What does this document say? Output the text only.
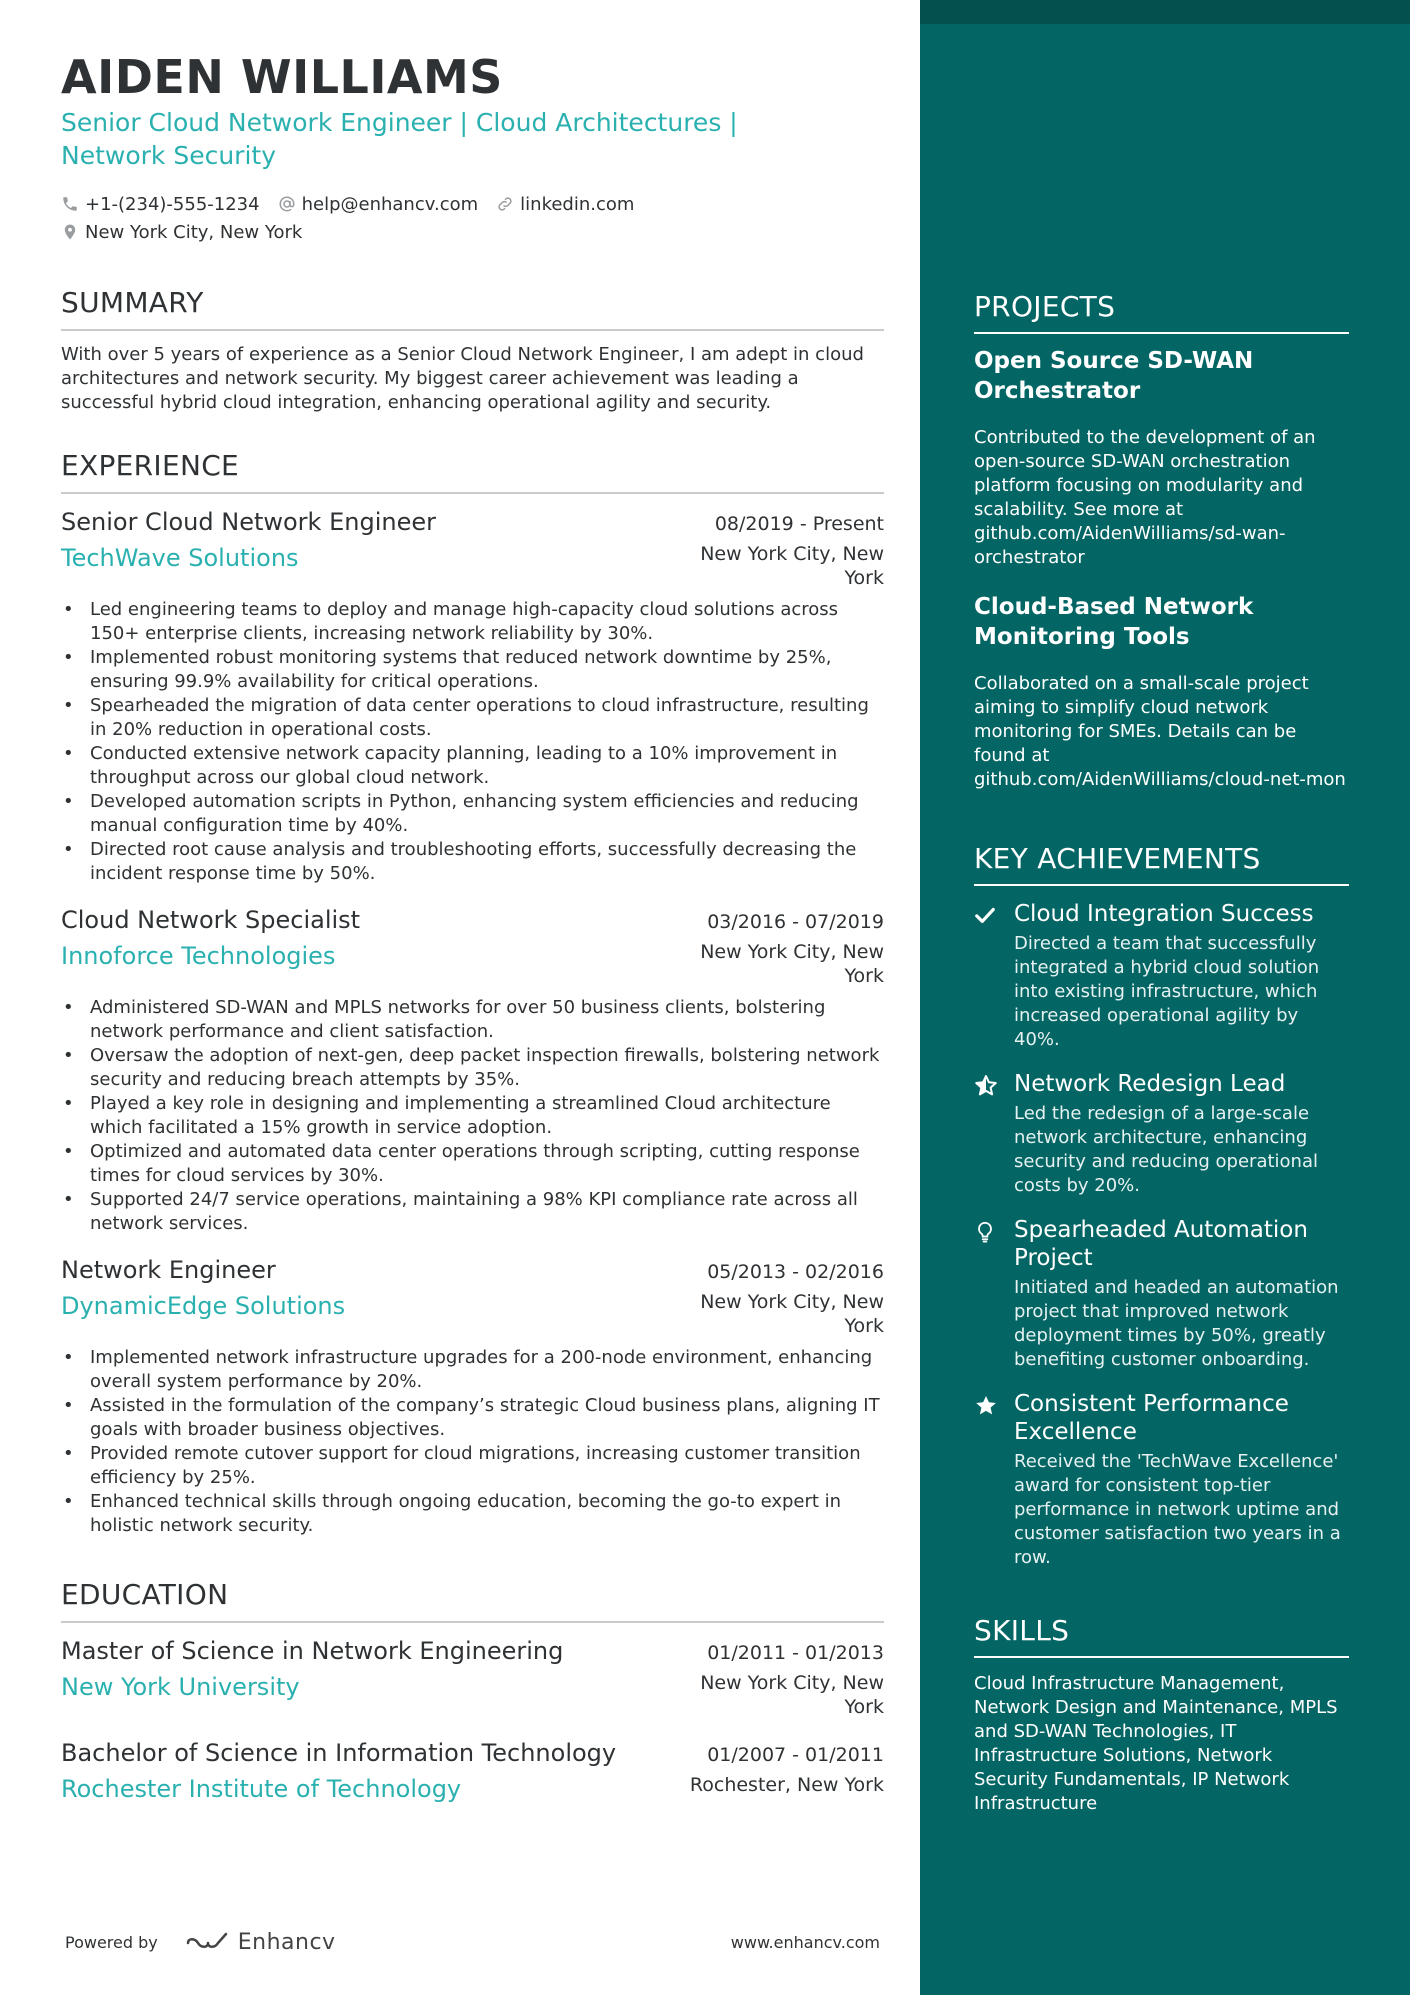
AIDEN WILLIAMS
Senior Cloud Network Engineer | Cloud Architectures | Network Security
+1-(234)-555-1234 help@enhancv.com linkedin.com
New York City, New York
SUMMARY
With over 5 years of experience as a Senior Cloud Network Engineer, I am adept in cloud architectures and network security. My biggest career achievement was leading a successful hybrid cloud integration, enhancing operational agility and security.
EXPERIENCE
Senior Cloud Network Engineer	08/2019 - Present
TechWave Solutions	New York City, New York
• Led engineering teams to deploy and manage high-capacity cloud solutions across 150+ enterprise clients, increasing network reliability by 30%.
• Implemented robust monitoring systems that reduced network downtime by 25%, ensuring 99.9% availability for critical operations.
• Spearheaded the migration of data center operations to cloud infrastructure, resulting in 20% reduction in operational costs.
• Conducted extensive network capacity planning, leading to a 10% improvement in throughput across our global cloud network.
• Developed automation scripts in Python, enhancing system efficiencies and reducing manual configuration time by 40%.
• Directed root cause analysis and troubleshooting efforts, successfully decreasing the incident response time by 50%.
Cloud Network Specialist	03/2016 - 07/2019
Innoforce Technologies	New York City, New York
• Administered SD-WAN and MPLS networks for over 50 business clients, bolstering network performance and client satisfaction.
• Oversaw the adoption of next-gen, deep packet inspection firewalls, bolstering network security and reducing breach attempts by 35%.
• Played a key role in designing and implementing a streamlined Cloud architecture which facilitated a 15% growth in service adoption.
• Optimized and automated data center operations through scripting, cutting response times for cloud services by 30%.
• Supported 24/7 service operations, maintaining a 98% KPI compliance rate across all network services.
Network Engineer	05/2013 - 02/2016
DynamicEdge Solutions	New York City, New York
• Implemented network infrastructure upgrades for a 200-node environment, enhancing overall system performance by 20%.
• Assisted in the formulation of the company’s strategic Cloud business plans, aligning IT goals with broader business objectives.
• Provided remote cutover support for cloud migrations, increasing customer transition efficiency by 25%.
• Enhanced technical skills through ongoing education, becoming the go-to expert in holistic network security.
EDUCATION
Master of Science in Network Engineering	01/2011 - 01/2013
New York University	New York City, New York
Bachelor of Science in Information Technology	01/2007 - 01/2011
Rochester Institute of Technology	Rochester, New York
PROJECTS
Open Source SD-WAN Orchestrator
Contributed to the development of an open-source SD-WAN orchestration platform focusing on modularity and scalability. See more at github.com/AidenWilliams/sd-wan-orchestrator
Cloud-Based Network Monitoring Tools
Collaborated on a small-scale project aiming to simplify cloud network monitoring for SMEs. Details can be found at github.com/AidenWilliams/cloud-net-mon
KEY ACHIEVEMENTS
Cloud Integration Success
Directed a team that successfully integrated a hybrid cloud solution into existing infrastructure, which increased operational agility by 40%.
Network Redesign Lead
Led the redesign of a large-scale network architecture, enhancing security and reducing operational costs by 20%.
Spearheaded Automation Project
Initiated and headed an automation project that improved network deployment times by 50%, greatly benefiting customer onboarding.
Consistent Performance Excellence
Received the 'TechWave Excellence' award for consistent top-tier performance in network uptime and customer satisfaction two years in a row.
SKILLS
Cloud Infrastructure Management, Network Design and Maintenance, MPLS and SD-WAN Technologies, IT Infrastructure Solutions, Network Security Fundamentals, IP Network Infrastructure
Powered by	Enhancv	www.enhancv.com
